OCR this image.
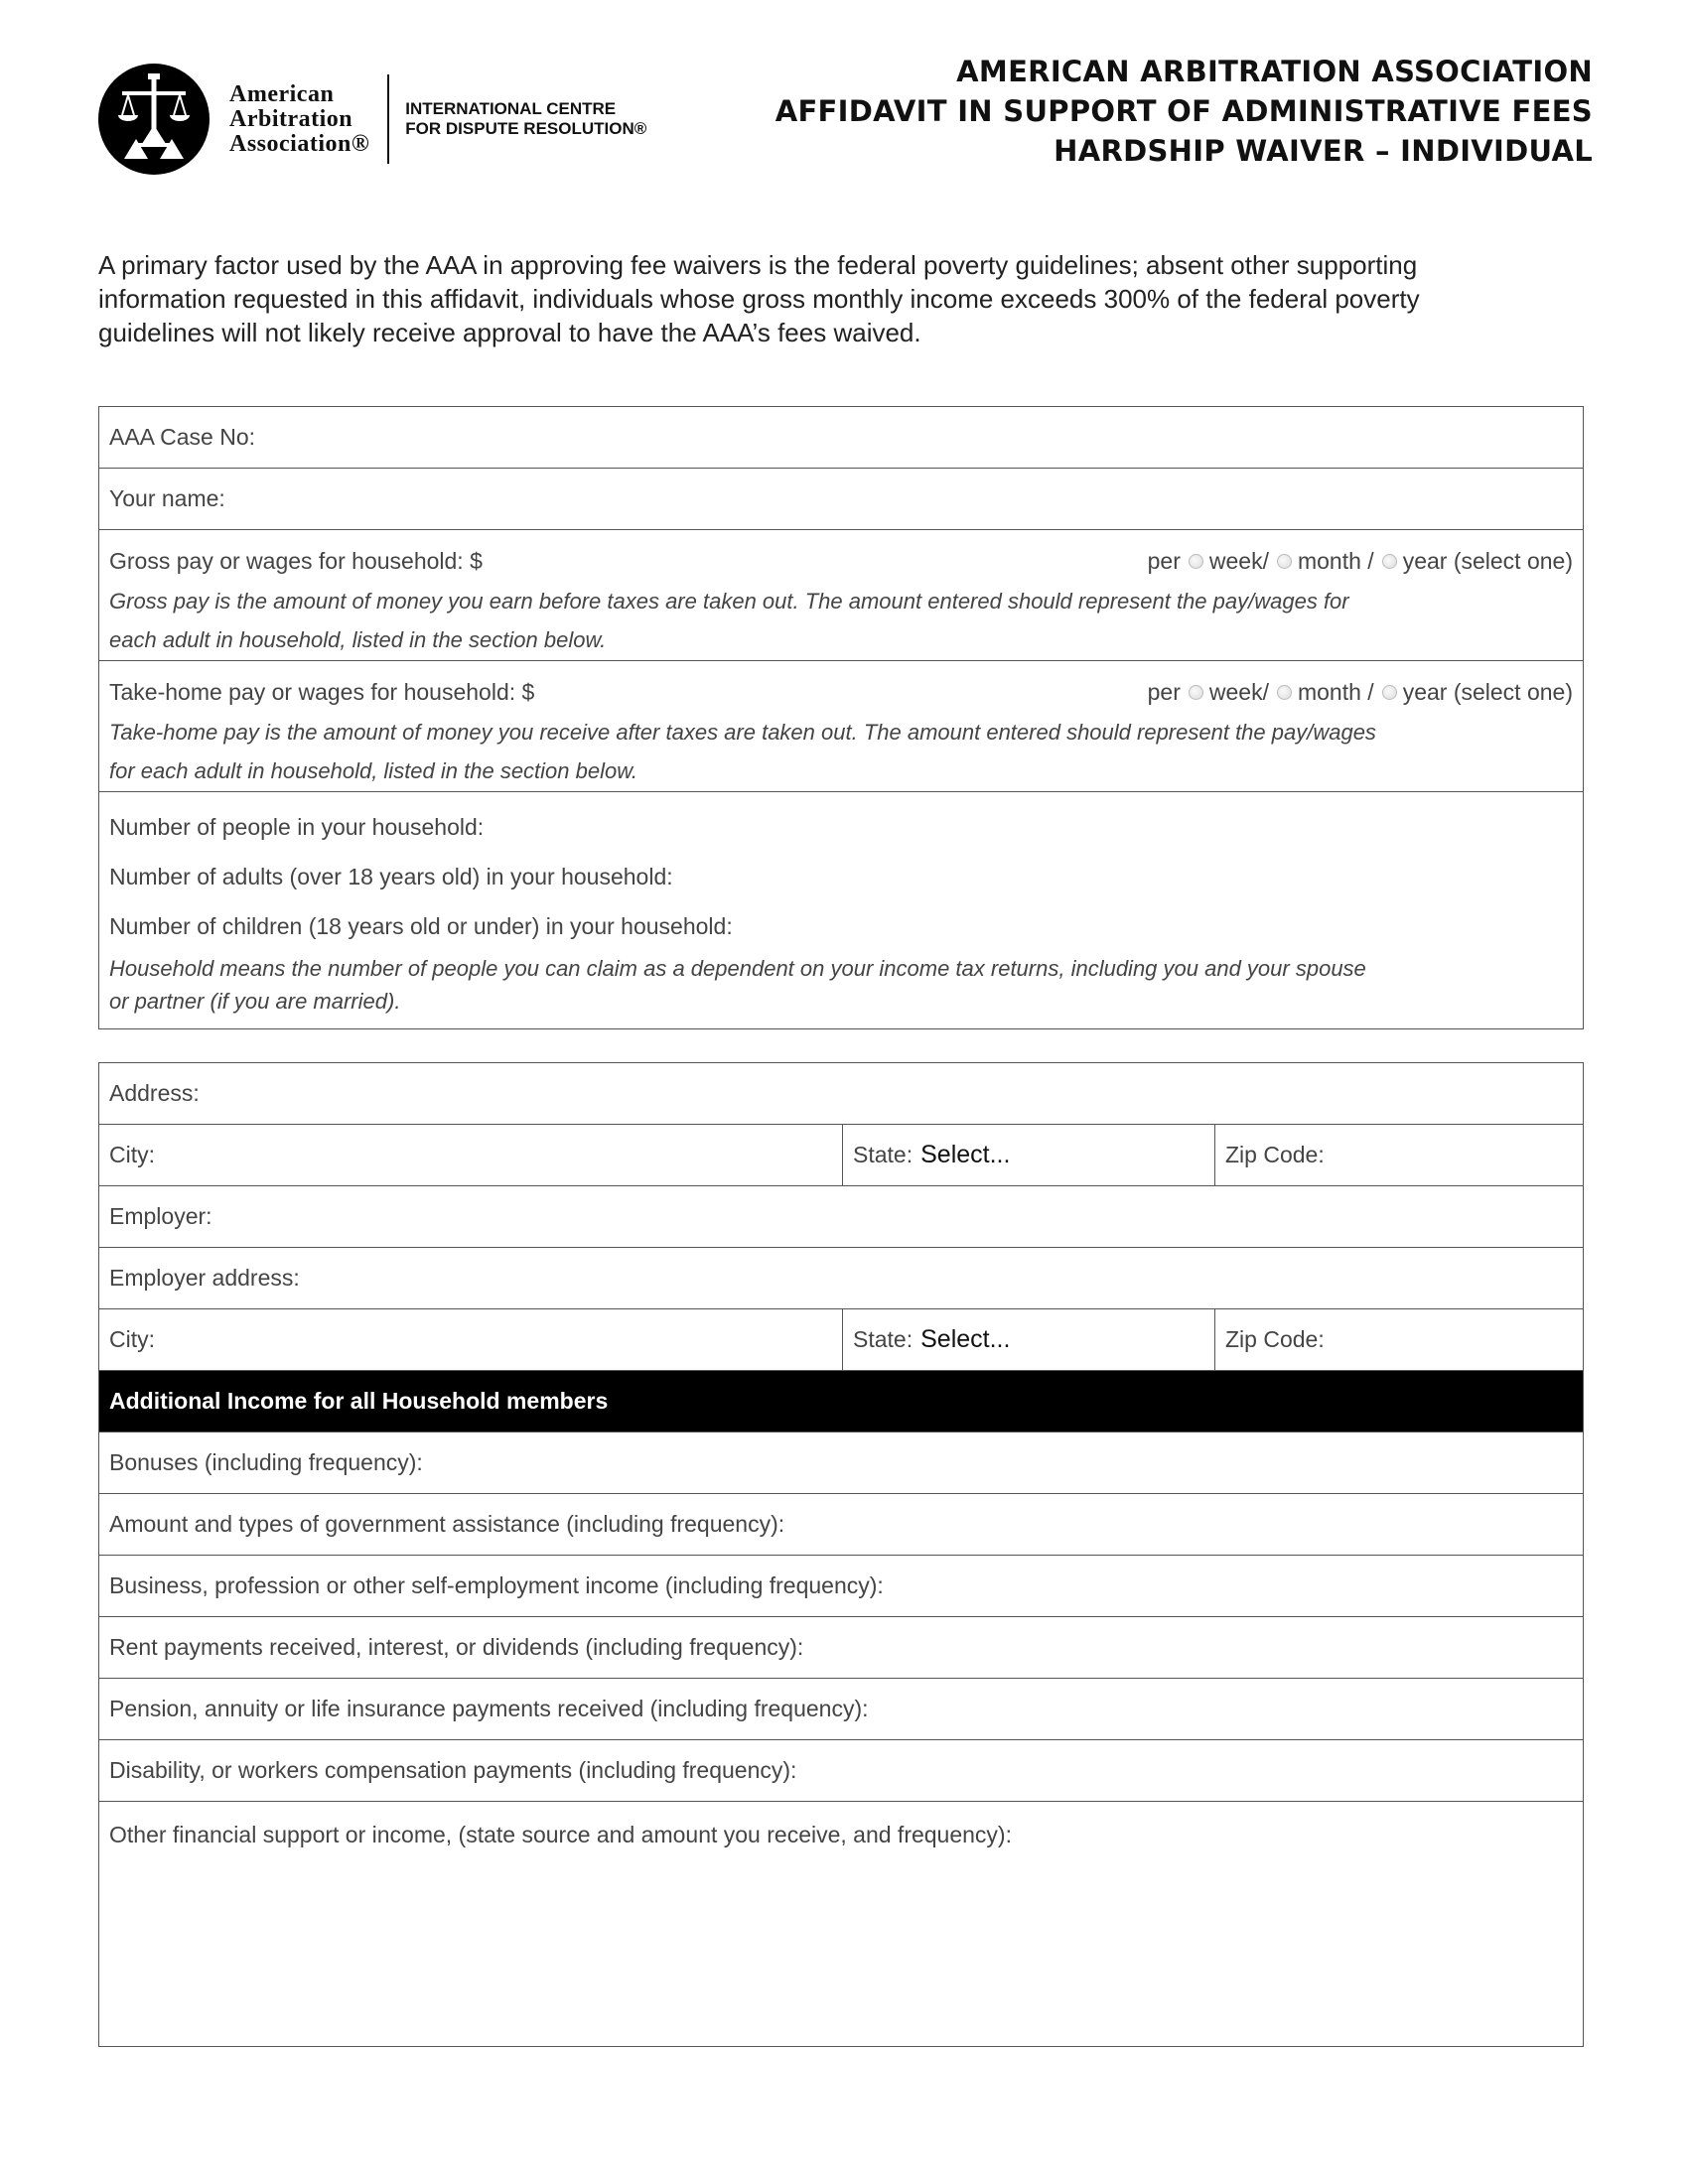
American
Arbitration
Association®
INTERNATIONAL CENTRE
FOR DISPUTE RESOLUTION®
AMERICAN ARBITRATION ASSOCIATION
AFFIDAVIT IN SUPPORT OF ADMINISTRATIVE FEES
HARDSHIP WAIVER – INDIVIDUAL

A primary factor used by the AAA in approving fee waivers is the federal poverty guidelines; absent other supporting

information requested in this affidavit, individuals whose gross monthly income exceeds 300% of the federal poverty

guidelines will not likely receive approval to have the AAA’s fees waived.

AAA Case No:
Your name:
Gross pay or wages for household: $	per week/ month / year (select one)

Gross pay is the amount of money you earn before taxes are taken out. The amount entered should represent the pay/wages for

each adult in household, listed in the section below.

Take-home pay or wages for household: $	per week/ month / year (select one)

Take-home pay is the amount of money you receive after taxes are taken out. The amount entered should represent the pay/wages

for each adult in household, listed in the section below.

Number of people in your household:
Number of adults (over 18 years old) in your household:
Number of children (18 years old or under) in your household:

Household means the number of people you can claim as a dependent on your income tax returns, including you and your spouse

or partner (if you are married).

Address:
City:	State: Select...	Zip Code:
Employer:
Employer address:
City:	State: Select...	Zip Code:
Additional Income for all Household members
Bonuses (including frequency):
Amount and types of government assistance (including frequency):
Business, profession or other self-employment income (including frequency):
Rent payments received, interest, or dividends (including frequency):
Pension, annuity or life insurance payments received (including frequency):
Disability, or workers compensation payments (including frequency):
Other financial support or income, (state source and amount you receive, and frequency):
